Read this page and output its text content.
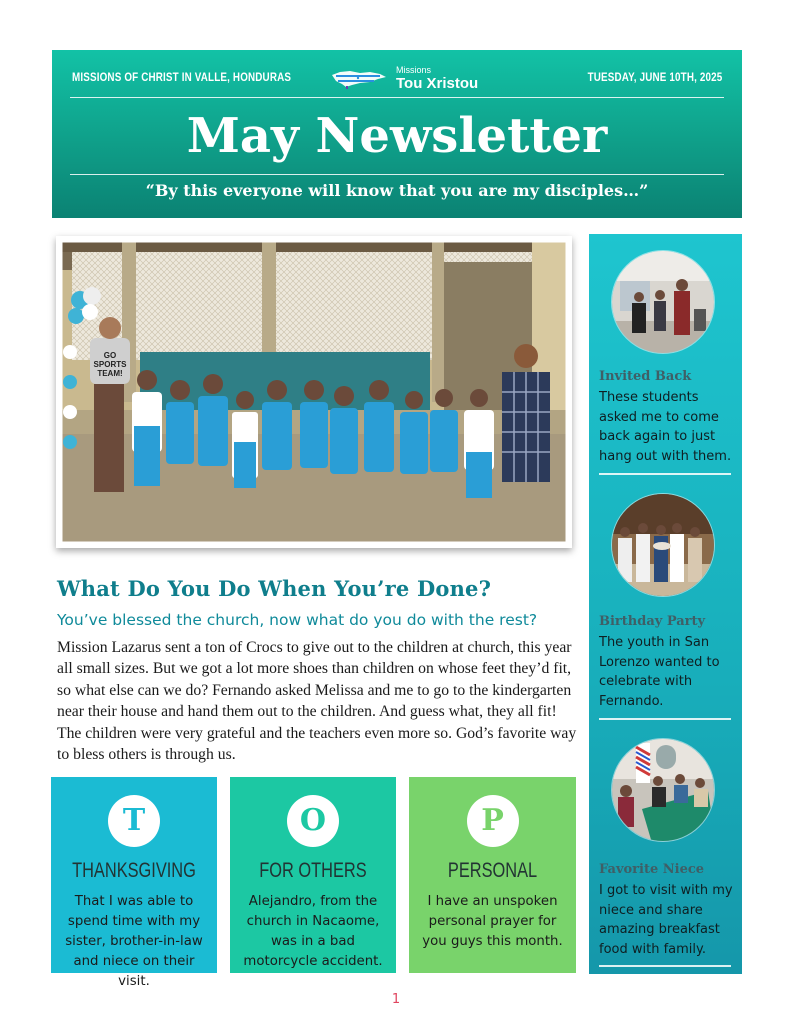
MISSIONS OF CHRIST IN VALLE, HONDURAS	Missions
Tou Xristou	TUESDAY, JUNE 10TH, 2025
May Newsletter
“By this everyone will know that you are my disciples…”
GO
SPORTS
TEAM!
What Do You Do When You’re Done?
You’ve blessed the church, now what do you do with the rest?
Mission Lazarus sent a ton of Crocs to give out to the children at church, this year all small sizes. But we got a lot more shoes than children on whose feet they’d fit, so what else can we do? Fernando asked Melissa and me to go to the kindergarten near their house and hand them out to the children. And guess what, they all fit! The children were very grateful and the teachers even more so. God’s favorite way to bless others is through us.
T
THANKSGIVING
That I was able to spend time with my sister, brother-in-law and niece on their visit.
O
FOR OTHERS
Alejandro, from the church in Nacaome, was in a bad motorcycle accident.
P
PERSONAL
I have an unspoken personal prayer for you guys this month.
Invited Back
These students asked me to come back again to just hang out with them.
Birthday Party
The youth in San Lorenzo wanted to celebrate with Fernando.
Favorite Niece
I got to visit with my niece and share amazing breakfast food with family.
1
